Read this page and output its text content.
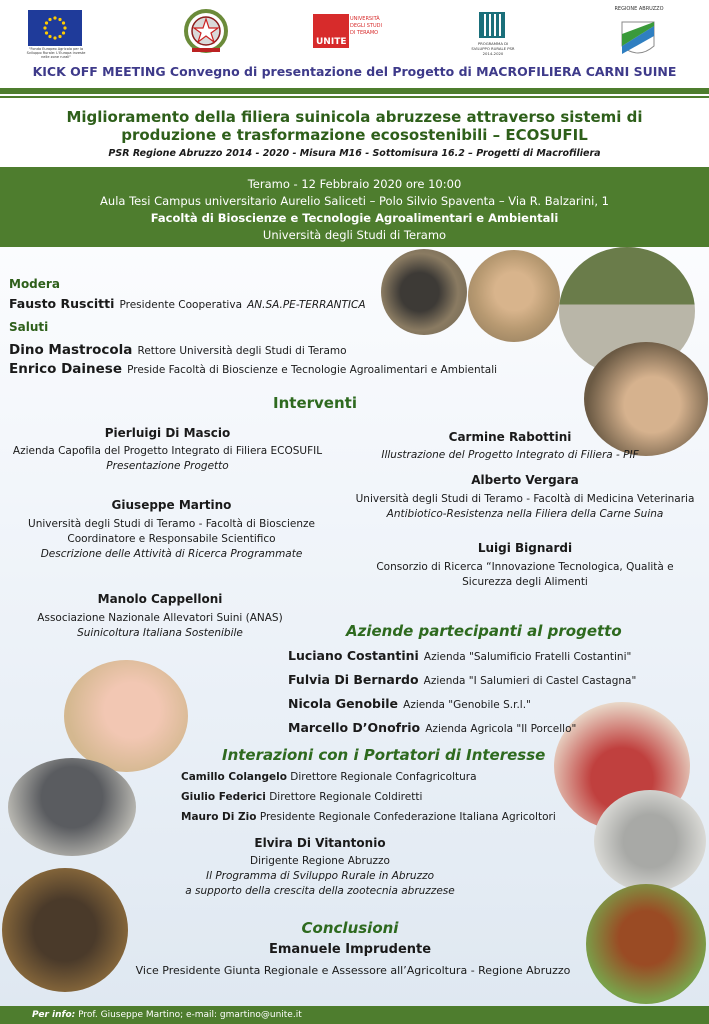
"Fondo Europeo Agricolo per lo Sviluppo Rurale: L'Europa investe nelle zone rurali"
UNITE
UNIVERSITÀ DEGLI STUDI DI TERAMO
PROGRAMMA DI SVILUPPO RURALE PSR 2014-2020
REGIONE ABRUZZO
KICK OFF MEETING Convegno di presentazione del Progetto di MACROFILIERA CARNI SUINE
Miglioramento della filiera suinicola abruzzese attraverso sistemi di produzione e trasformazione ecosostenibili – ECOSUFIL
PSR Regione Abruzzo 2014 - 2020 - Misura M16 - Sottomisura 16.2 – Progetti di Macrofiliera
Teramo - 12 Febbraio 2020 ore 10:00
Aula Tesi Campus universitario Aurelio Saliceti – Polo Silvio Spaventa – Via R. Balzarini, 1
Facoltà di Bioscienze e Tecnologie Agroalimentari e Ambientali
Università degli Studi di Teramo
Modera
Fausto Ruscitti Presidente Cooperativa AN.SA.PE-TERRANTICA
Saluti
Dino Mastrocola Rettore Università degli Studi di Teramo
Enrico Dainese Preside Facoltà di Bioscienze e Tecnologie Agroalimentari e Ambientali
Interventi
Pierluigi Di Mascio
Azienda Capofila del Progetto Integrato di Filiera ECOSUFIL
Presentazione Progetto
Giuseppe Martino
Università degli Studi di Teramo - Facoltà di Bioscienze
Coordinatore e Responsabile Scientifico
Descrizione delle Attività di Ricerca Programmate
Manolo Cappelloni
Associazione Nazionale Allevatori Suini (ANAS)
Suinicoltura Italiana Sostenibile
Carmine Rabottini
Illustrazione del Progetto Integrato di Filiera - PIF
Alberto Vergara
Università degli Studi di Teramo - Facoltà di Medicina Veterinaria
Antibiotico-Resistenza nella Filiera della Carne Suina
Luigi Bignardi
Consorzio di Ricerca “Innovazione Tecnologica, Qualità e
Sicurezza degli Alimenti
Aziende partecipanti al progetto
Luciano Costantini Azienda "Salumificio Fratelli Costantini"
Fulvia Di Bernardo Azienda "I Salumieri di Castel Castagna"
Nicola Genobile Azienda "Genobile S.r.l."
Marcello D’Onofrio Azienda Agricola "Il Porcello"
Interazioni con i Portatori di Interesse
Camillo Colangelo Direttore Regionale Confagricoltura
Giulio Federici Direttore Regionale Coldiretti
Mauro Di Zio Presidente Regionale Confederazione Italiana Agricoltori
Elvira Di Vitantonio
Dirigente Regione Abruzzo
Il Programma di Sviluppo Rurale in Abruzzo
a supporto della crescita della zootecnia abruzzese
Conclusioni
Emanuele Imprudente
Vice Presidente Giunta Regionale e Assessore all’Agricoltura - Regione Abruzzo
Per info: Prof. Giuseppe Martino; e-mail: gmartino@unite.it
